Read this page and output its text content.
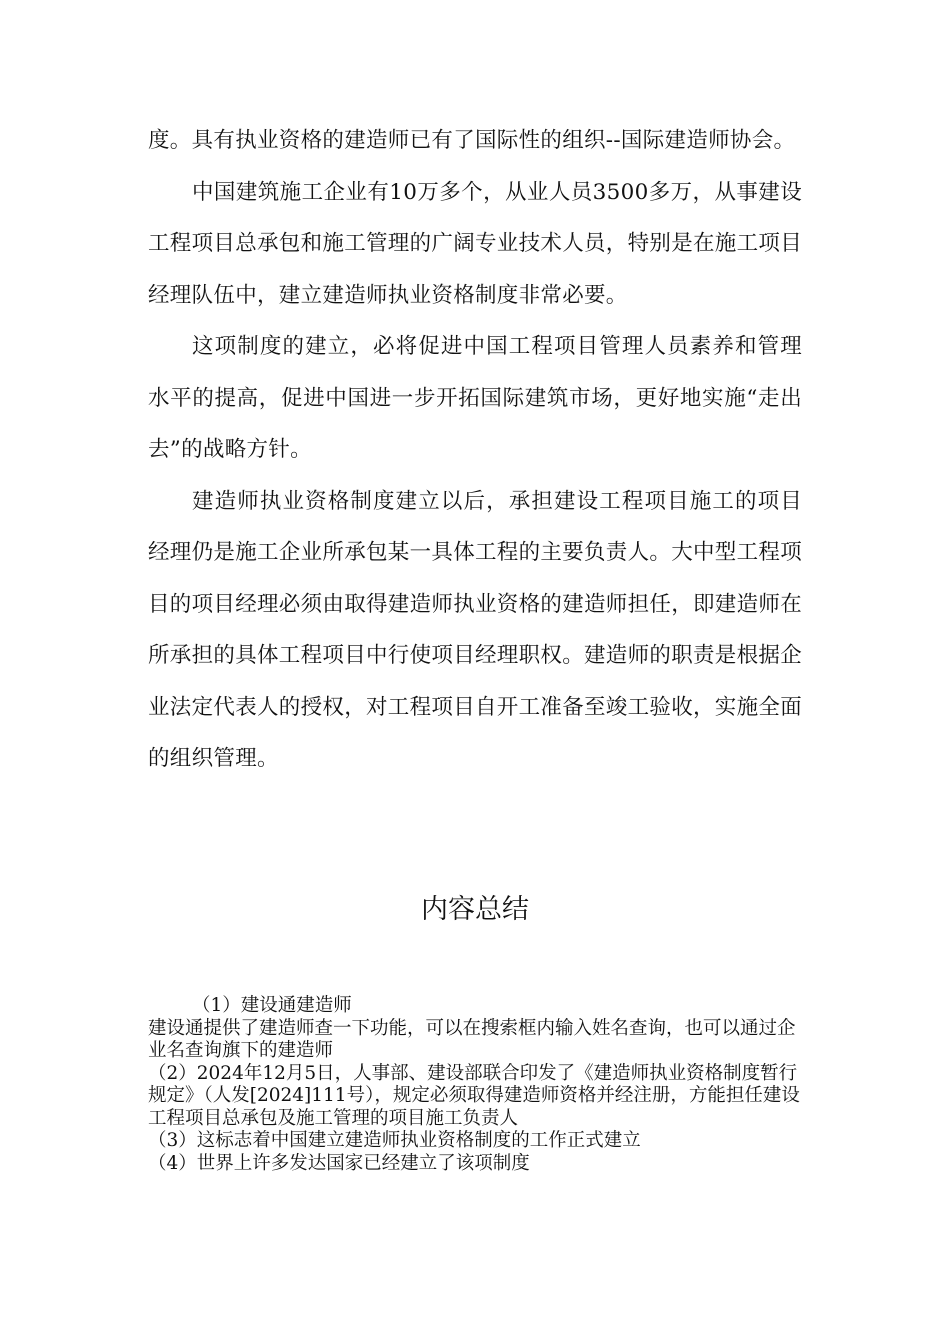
度。具有执业资格的建造师已有了国际性的组织--国际建造师协会。

中国建筑施工企业有10万多个，从业人员3500多万，从事建设工程项目总承包和施工管理的广阔专业技术人员，特别是在施工项目经理队伍中，建立建造师执业资格制度非常必要。

这项制度的建立，必将促进中国工程项目管理人员素养和管理水平的提高，促进中国进一步开拓国际建筑市场，更好地实施“走出去”的战略方针。

建造师执业资格制度建立以后，承担建设工程项目施工的项目经理仍是施工企业所承包某一具体工程的主要负责人。大中型工程项目的项目经理必须由取得建造师执业资格的建造师担任，即建造师在所承担的具体工程项目中行使项目经理职权。建造师的职责是根据企业法定代表人的授权，对工程项目自开工准备至竣工验收，实施全面的组织管理。

内容总结

（1）建设通建造师

建设通提供了建造师查一下功能，可以在搜索框内输入姓名查询，也可以通过企业名查询旗下的建造师

（2）2024年12月5日，人事部、建设部联合印发了《建造师执业资格制度暂行规定》（人发[2024]111号），规定必须取得建造师资格并经注册，方能担任建设工程项目总承包及施工管理的项目施工负责人

（3）这标志着中国建立建造师执业资格制度的工作正式建立

（4）世界上许多发达国家已经建立了该项制度
